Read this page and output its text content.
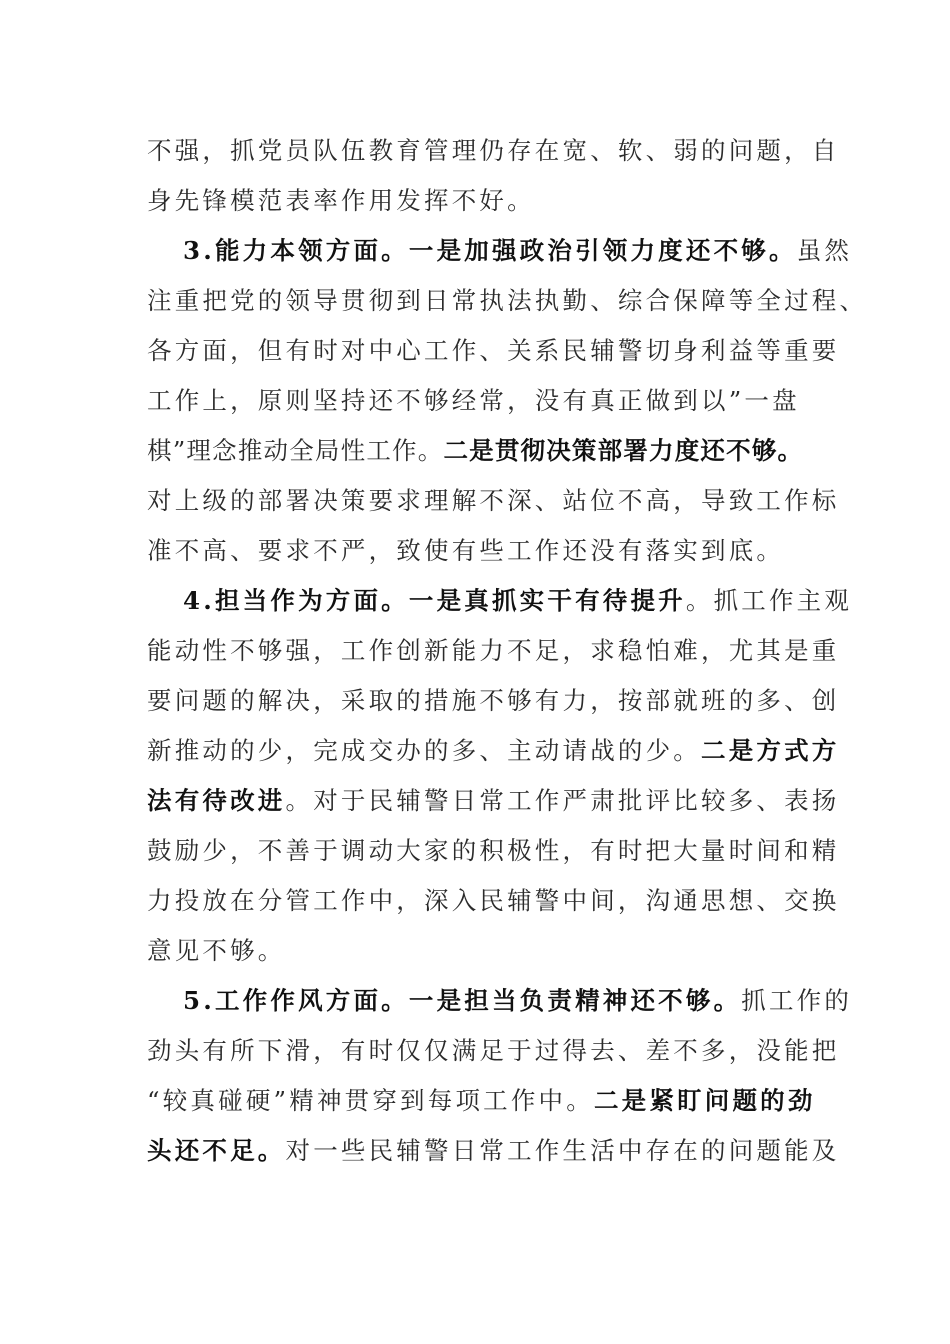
不强，抓党员队伍教育管理仍存在宽、软、弱的问题，自
身先锋模范表率作用发挥不好。
3.能力本领方面。一是加强政治引领力度还不够。虽然
注重把党的领导贯彻到日常执法执勤、综合保障等全过程、
各方面，但有时对中心工作、关系民辅警切身利益等重要
工作上，原则坚持还不够经常，没有真正做到以”一盘
棋”理念推动全局性工作。二是贯彻决策部署力度还不够。
对上级的部署决策要求理解不深、站位不高，导致工作标
准不高、要求不严，致使有些工作还没有落实到底。
4.担当作为方面。一是真抓实干有待提升。抓工作主观
能动性不够强，工作创新能力不足，求稳怕难，尤其是重
要问题的解决，采取的措施不够有力，按部就班的多、创
新推动的少，完成交办的多、主动请战的少。二是方式方
法有待改进。对于民辅警日常工作严肃批评比较多、表扬
鼓励少，不善于调动大家的积极性，有时把大量时间和精
力投放在分管工作中，深入民辅警中间，沟通思想、交换
意见不够。
5.工作作风方面。一是担当负责精神还不够。抓工作的
劲头有所下滑，有时仅仅满足于过得去、差不多，没能把
“较真碰硬”精神贯穿到每项工作中。二是紧盯问题的劲
头还不足。对一些民辅警日常工作生活中存在的问题能及
